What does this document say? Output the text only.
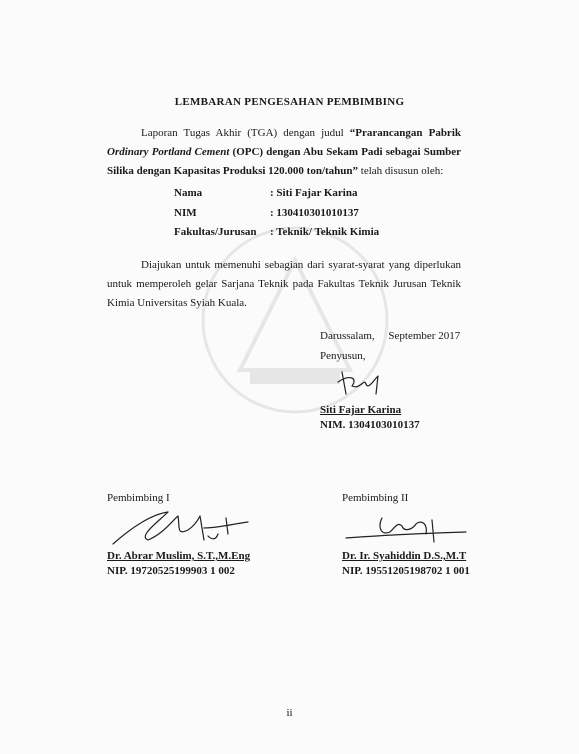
LEMBARAN PENGESAHAN PEMBIMBING
Laporan Tugas Akhir (TGA) dengan judul “Prarancangan Pabrik Ordinary Portland Cement (OPC) dengan Abu Sekam Padi sebagai Sumber Silika dengan Kapasitas Produksi 120.000 ton/tahun” telah disusun oleh:
Nama	: Siti Fajar Karina
NIM	: 130410301010137
Fakultas/Jurusan : Teknik/ Teknik Kimia
Diajukan untuk memenuhi sebagian dari syarat-syarat yang diperlukan untuk memperoleh gelar Sarjana Teknik pada Fakultas Teknik Jurusan Teknik Kimia Universitas Syiah Kuala.
Darussalam,     September 2017
Penyusun,
Siti Fajar Karina
NIM. 1304103010137
Pembimbing I	Pembimbing II
Dr. Abrar Muslim, S.T.,M.Eng
NIP. 19720525199903 1 002
Dr. Ir. Syahiddin D.S.,M.T
NIP. 19551205198702 1 001
ii
